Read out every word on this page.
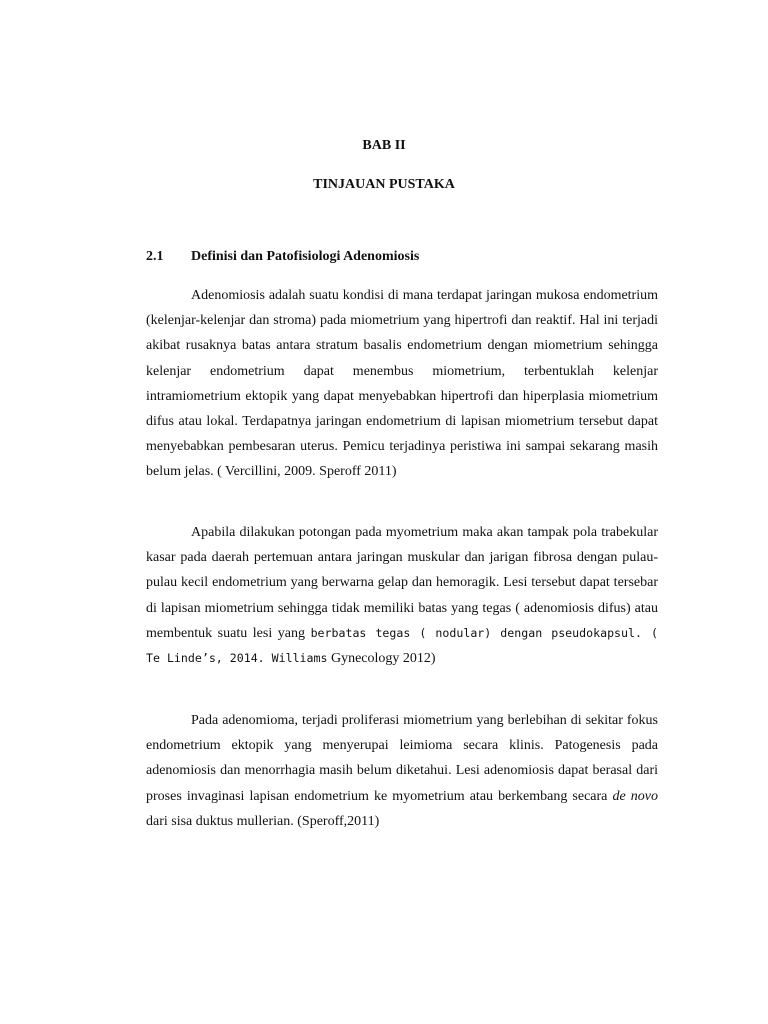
BAB II

TINJAUAN PUSTAKA

2.1 Definisi dan Patofisiologi Adenomiosis

Adenomiosis adalah suatu kondisi di mana terdapat jaringan mukosa endometrium (kelenjar-kelenjar dan stroma) pada miometrium yang hipertrofi dan reaktif. Hal ini terjadi akibat rusaknya batas antara stratum basalis endometrium dengan miometrium sehingga kelenjar endometrium dapat menembus miometrium, terbentuklah kelenjar intramiometrium ektopik yang dapat menyebabkan hipertrofi dan hiperplasia miometrium difus atau lokal. Terdapatnya jaringan endometrium di lapisan miometrium tersebut dapat menyebabkan pembesaran uterus. Pemicu terjadinya peristiwa ini sampai sekarang masih belum jelas. ( Vercillini, 2009. Speroff 2011)

Apabila dilakukan potongan pada myometrium maka akan tampak pola trabekular kasar pada daerah pertemuan antara jaringan muskular dan jarigan fibrosa dengan pulau-pulau kecil endometrium yang berwarna gelap dan hemoragik. Lesi tersebut dapat tersebar di lapisan miometrium sehingga tidak memiliki batas yang tegas ( adenomiosis difus) atau membentuk suatu lesi yang berbatas tegas ( nodular) dengan pseudokapsul. ( Te Linde’s, 2014. Williams Gynecology 2012)

Pada adenomioma, terjadi proliferasi miometrium yang berlebihan di sekitar fokus endometrium ektopik yang menyerupai leimioma secara klinis. Patogenesis pada adenomiosis dan menorrhagia masih belum diketahui. Lesi adenomiosis dapat berasal dari proses invaginasi lapisan endometrium ke myometrium atau berkembang secara de novo dari sisa duktus mullerian. (Speroff,2011)
